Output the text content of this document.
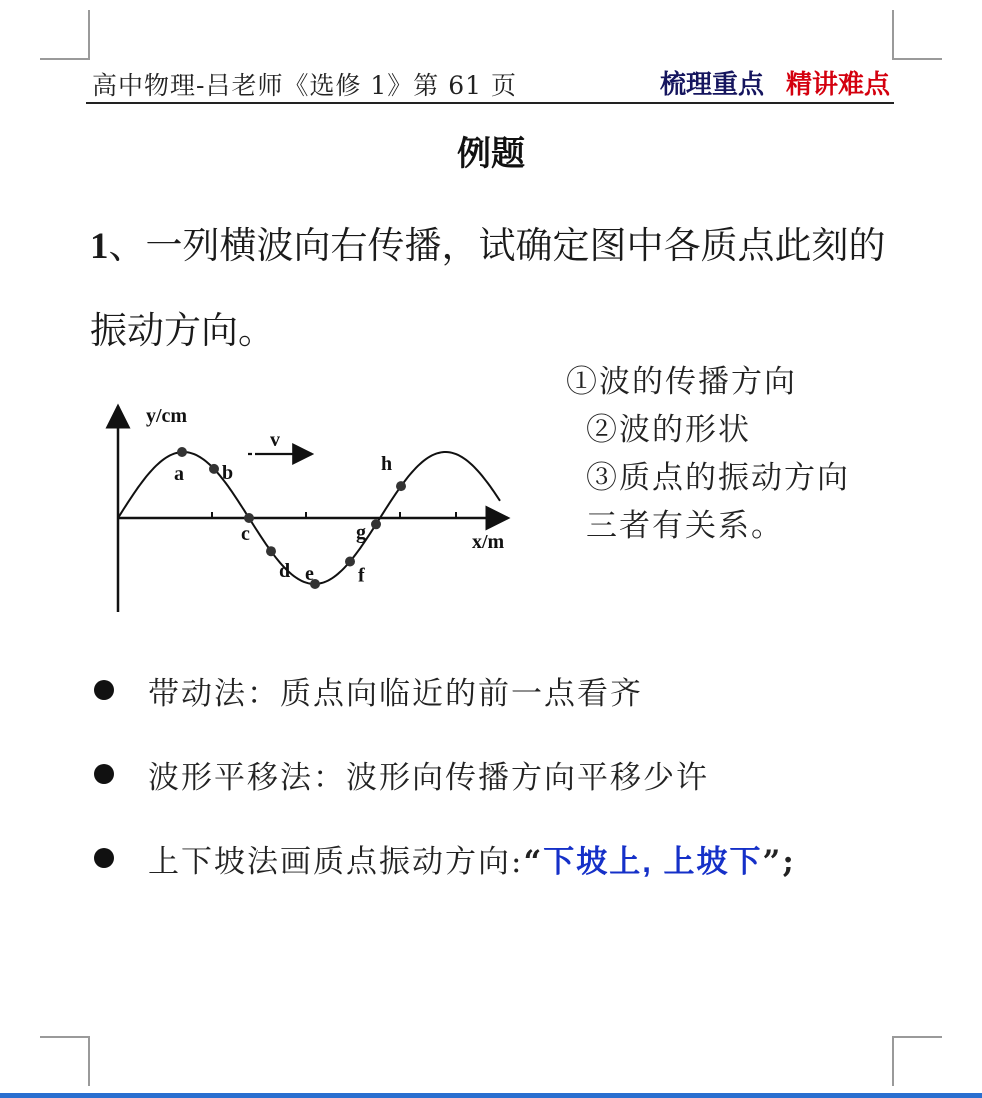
高中物理-吕老师《选修 1》第 61 页	梳理重点 精讲难点
例题
1、一列横波向右传播，试确定图中各质点此刻的振动方向。
v
y/cm
x/m
a b
c
d e f
g
h
①波的传播方向
②波的形状
③质点的振动方向
三者有关系。
带动法：质点向临近的前一点看齐
波形平移法：波形向传播方向平移少许
上下坡法画质点振动方向:“下坡上, 上坡下”;
